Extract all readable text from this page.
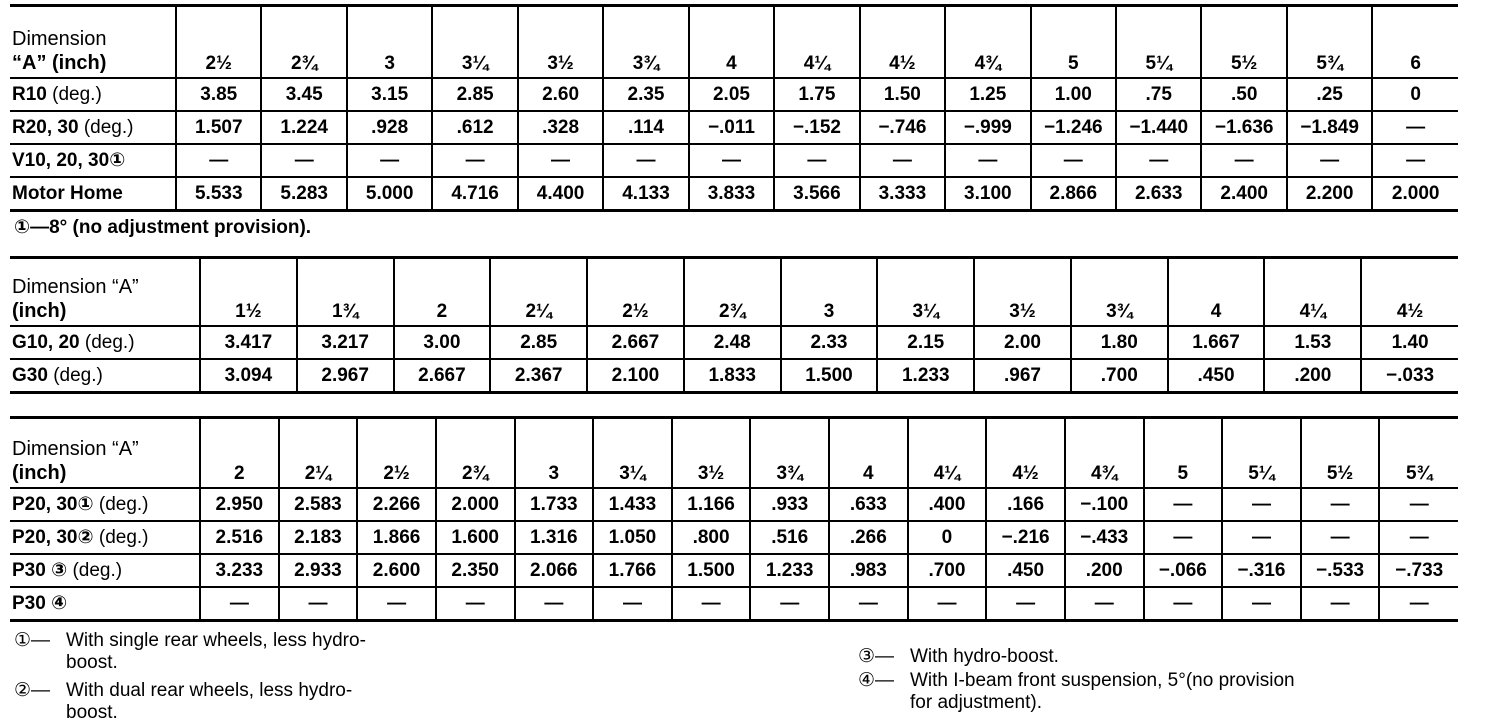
Dimension
“A” (inch)	2½	2¾	3	3¼	3½	3¾	4	4¼	4½	4¾	5	5¼	5½	5¾	6
R10 (deg.)	3.85	3.45	3.15	2.85	2.60	2.35	2.05	1.75	1.50	1.25	1.00	.75	.50	.25	0
R20, 30 (deg.)	1.507	1.224	.928	.612	.328	.114	−.011	−.152	−.746	−.999	−1.246	−1.440	−1.636	−1.849	—
V10, 20, 30①	—	—	—	—	—	—	—	—	—	—	—	—	—	—	—
Motor Home	5.533	5.283	5.000	4.716	4.400	4.133	3.833	3.566	3.333	3.100	2.866	2.633	2.400	2.200	2.000
①—8° (no adjustment provision).
Dimension “A”
(inch)	1½	1¾	2	2¼	2½	2¾	3	3¼	3½	3¾	4	4¼	4½
G10, 20 (deg.)	3.417	3.217	3.00	2.85	2.667	2.48	2.33	2.15	2.00	1.80	1.667	1.53	1.40
G30 (deg.)	3.094	2.967	2.667	2.367	2.100	1.833	1.500	1.233	.967	.700	.450	.200	−.033
Dimension “A”
(inch)	2	2¼	2½	2¾	3	3¼	3½	3¾	4	4¼	4½	4¾	5	5¼	5½	5¾
P20, 30① (deg.)	2.950	2.583	2.266	2.000	1.733	1.433	1.166	.933	.633	.400	.166	−.100	—	—	—	—
P20, 30② (deg.)	2.516	2.183	1.866	1.600	1.316	1.050	.800	.516	.266	0	−.216	−.433	—	—	—	—
P30 ③ (deg.)	3.233	2.933	2.600	2.350	2.066	1.766	1.500	1.233	.983	.700	.450	.200	−.066	−.316	−.533	−.733
P30 ④	—	—	—	—	—	—	—	—	—	—	—	—	—	—	—	—
①— With single rear wheels, less hydro-boost.
②— With dual rear wheels, less hydro-boost.
③— With hydro-boost.
④— With I-beam front suspension, 5°(no provision for adjustment).
